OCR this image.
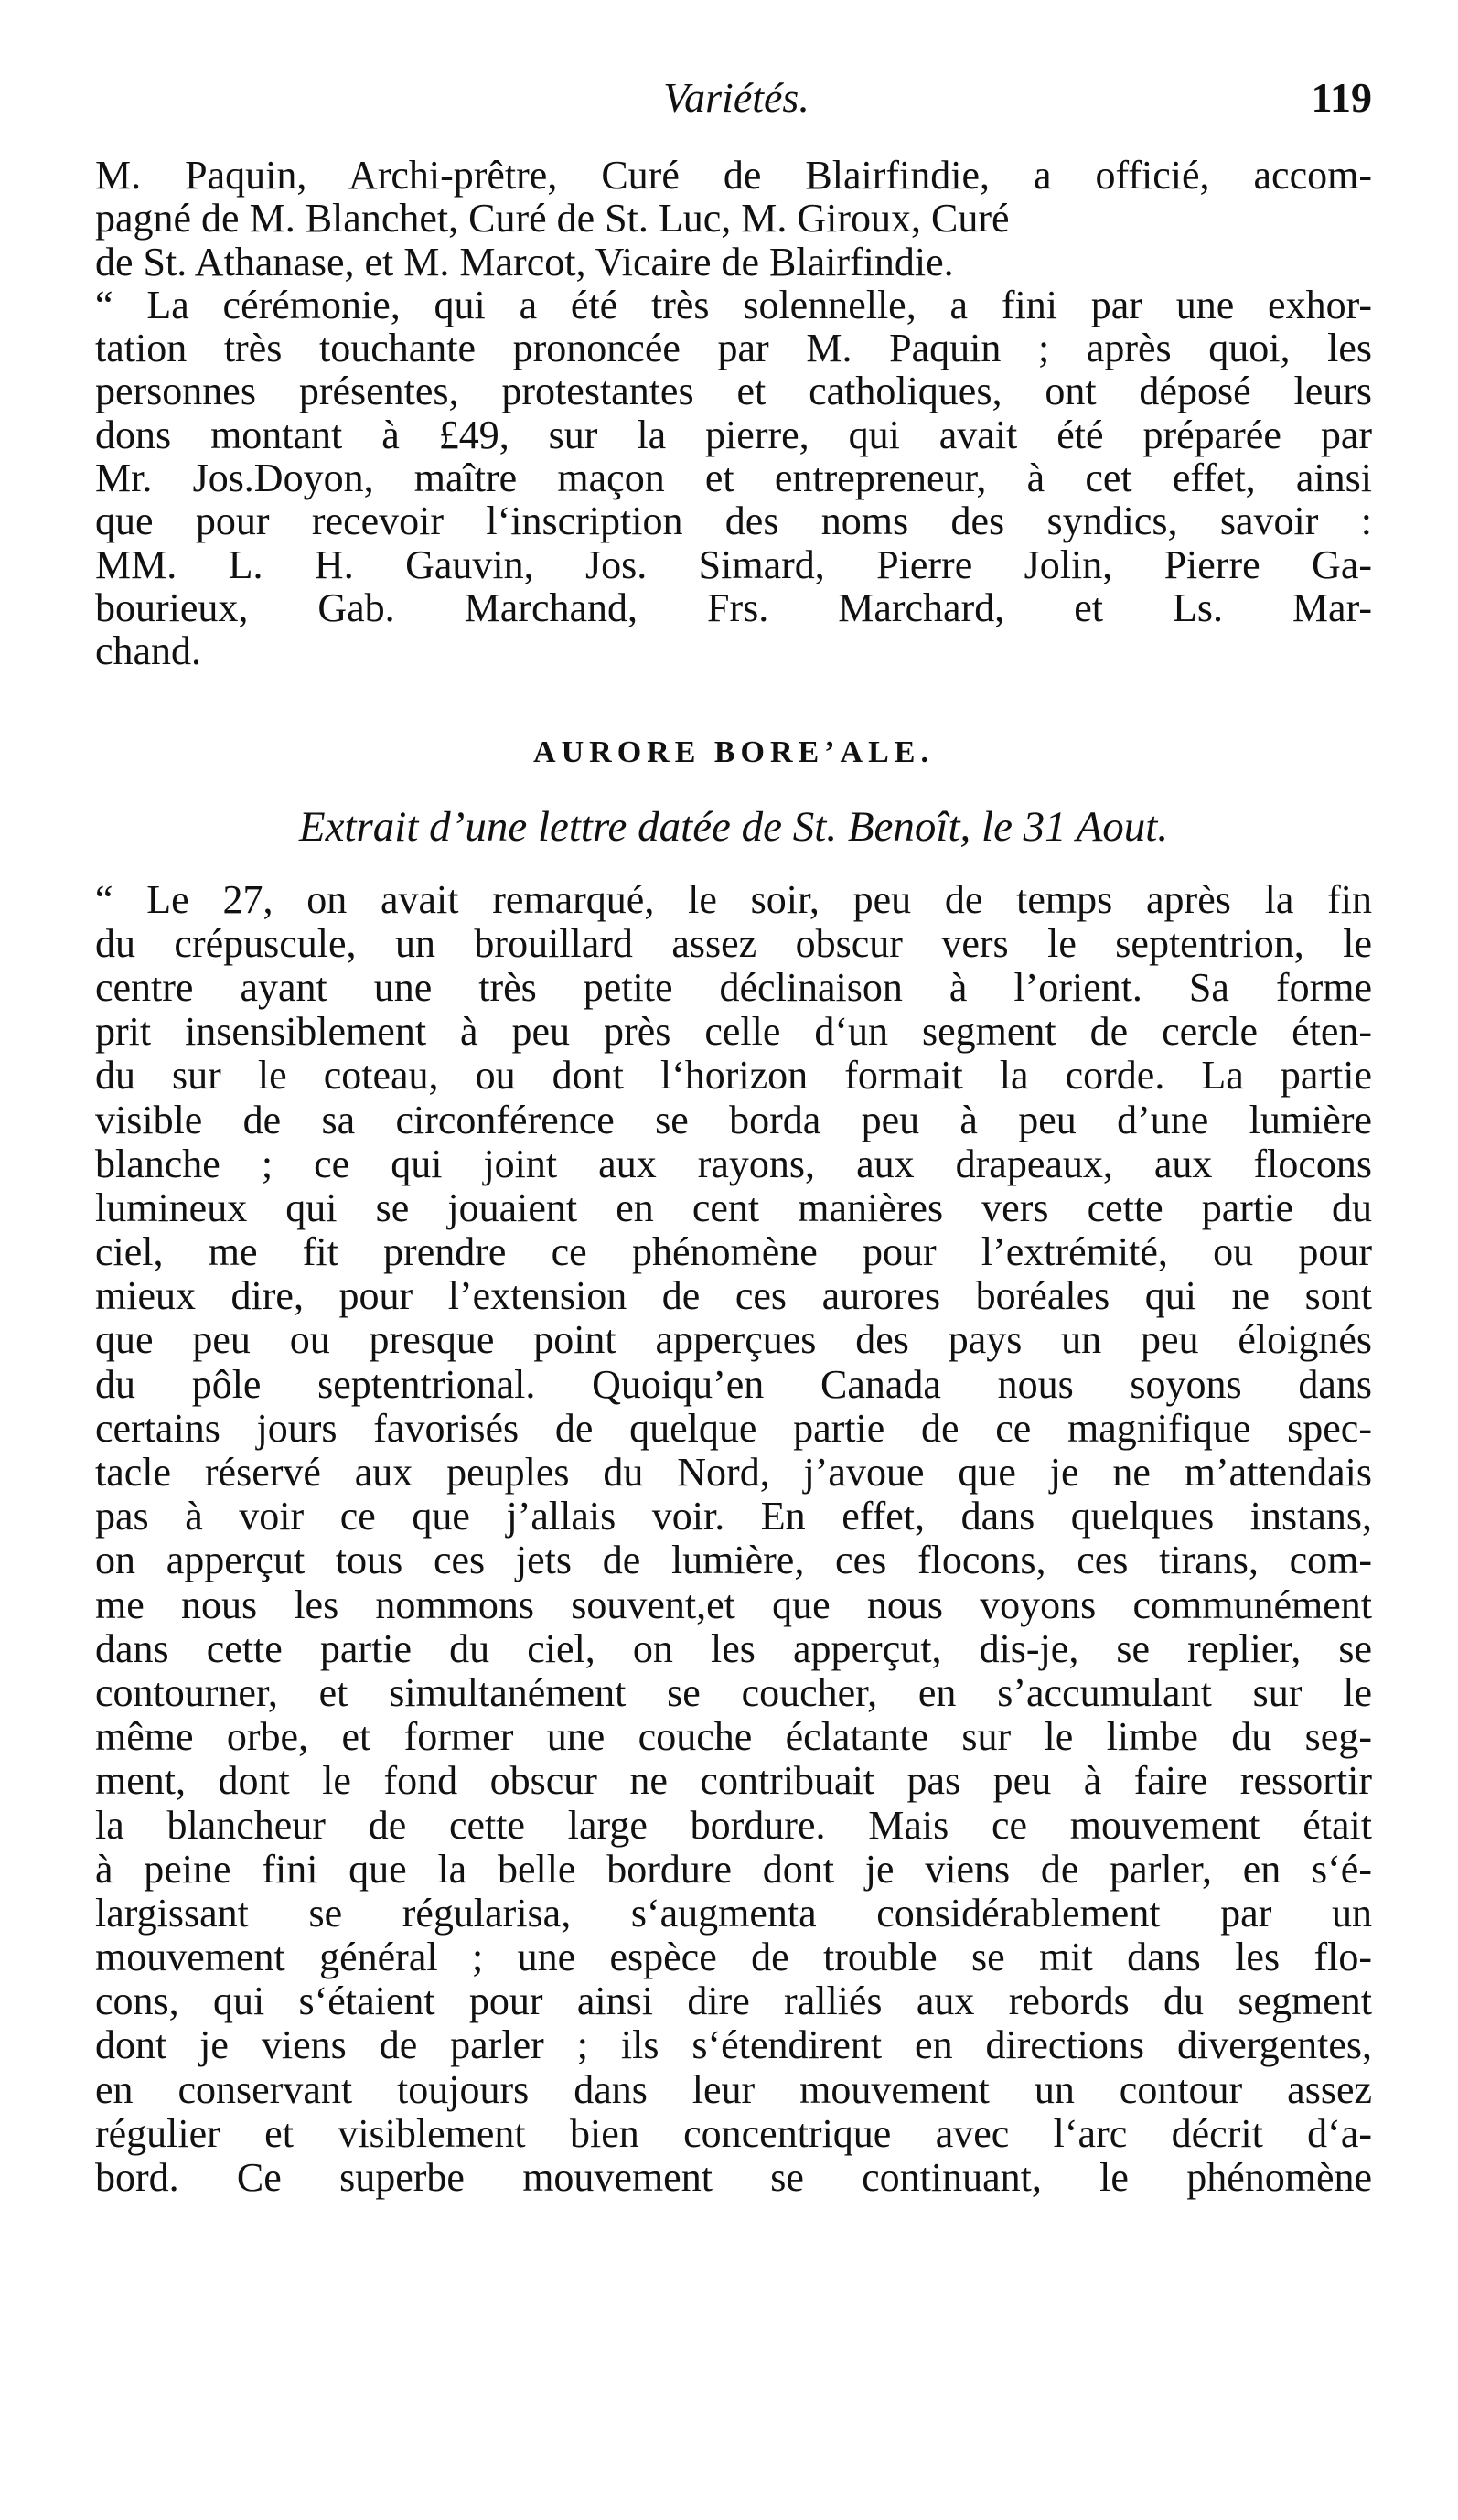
Variétés.	119
M. Paquin, Archi-prêtre, Curé de Blairfindie, a officié, accom-
pagné de M. Blanchet, Curé de St. Luc, M. Giroux, Curé
de St. Athanase, et M. Marcot, Vicaire de Blairfindie.
“ La cérémonie, qui a été très solennelle, a fini par une exhor-
tation très touchante prononcée par M. Paquin ; après quoi, les
personnes présentes, protestantes et catholiques, ont déposé leurs
dons montant à £49, sur la pierre, qui avait été préparée par
Mr. Jos.Doyon, maître maçon et entrepreneur, à cet effet, ainsi
que pour recevoir l‘inscription des noms des syndics, savoir :
MM. L. H. Gauvin, Jos. Simard, Pierre Jolin, Pierre Ga-
bourieux, Gab. Marchand, Frs. Marchard, et Ls. Mar-
chand.
AURORE BORE’ALE.
Extrait d’une lettre datée de St. Benoît, le 31 Aout.
“ Le 27, on avait remarqué, le soir, peu de temps après la fin
du crépuscule, un brouillard assez obscur vers le septentrion, le
centre ayant une très petite déclinaison à l’orient. Sa forme
prit insensiblement à peu près celle d‘un segment de cercle éten-
du sur le coteau, ou dont l‘horizon formait la corde. La partie
visible de sa circonférence se borda peu à peu d’une lumière
blanche ; ce qui joint aux rayons, aux drapeaux, aux flocons
lumineux qui se jouaient en cent manières vers cette partie du
ciel, me fit prendre ce phénomène pour l’extrémité, ou pour
mieux dire, pour l’extension de ces aurores boréales qui ne sont
que peu ou presque point apperçues des pays un peu éloignés
du pôle septentrional. Quoiqu’en Canada nous soyons dans
certains jours favorisés de quelque partie de ce magnifique spec-
tacle réservé aux peuples du Nord, j’avoue que je ne m’attendais
pas à voir ce que j’allais voir. En effet, dans quelques instans,
on apperçut tous ces jets de lumière, ces flocons, ces tirans, com-
me nous les nommons souvent,et que nous voyons communément
dans cette partie du ciel, on les apperçut, dis-je, se replier, se
contourner, et simultanément se coucher, en s’accumulant sur le
même orbe, et former une couche éclatante sur le limbe du seg-
ment, dont le fond obscur ne contribuait pas peu à faire ressortir
la blancheur de cette large bordure. Mais ce mouvement était
à peine fini que la belle bordure dont je viens de parler, en s‘é-
largissant se régularisa, s‘augmenta considérablement par un
mouvement général ; une espèce de trouble se mit dans les flo-
cons, qui s‘étaient pour ainsi dire ralliés aux rebords du segment
dont je viens de parler ; ils s‘étendirent en directions divergentes,
en conservant toujours dans leur mouvement un contour assez
régulier et visiblement bien concentrique avec l‘arc décrit d‘a-
bord. Ce superbe mouvement se continuant, le phénomène
